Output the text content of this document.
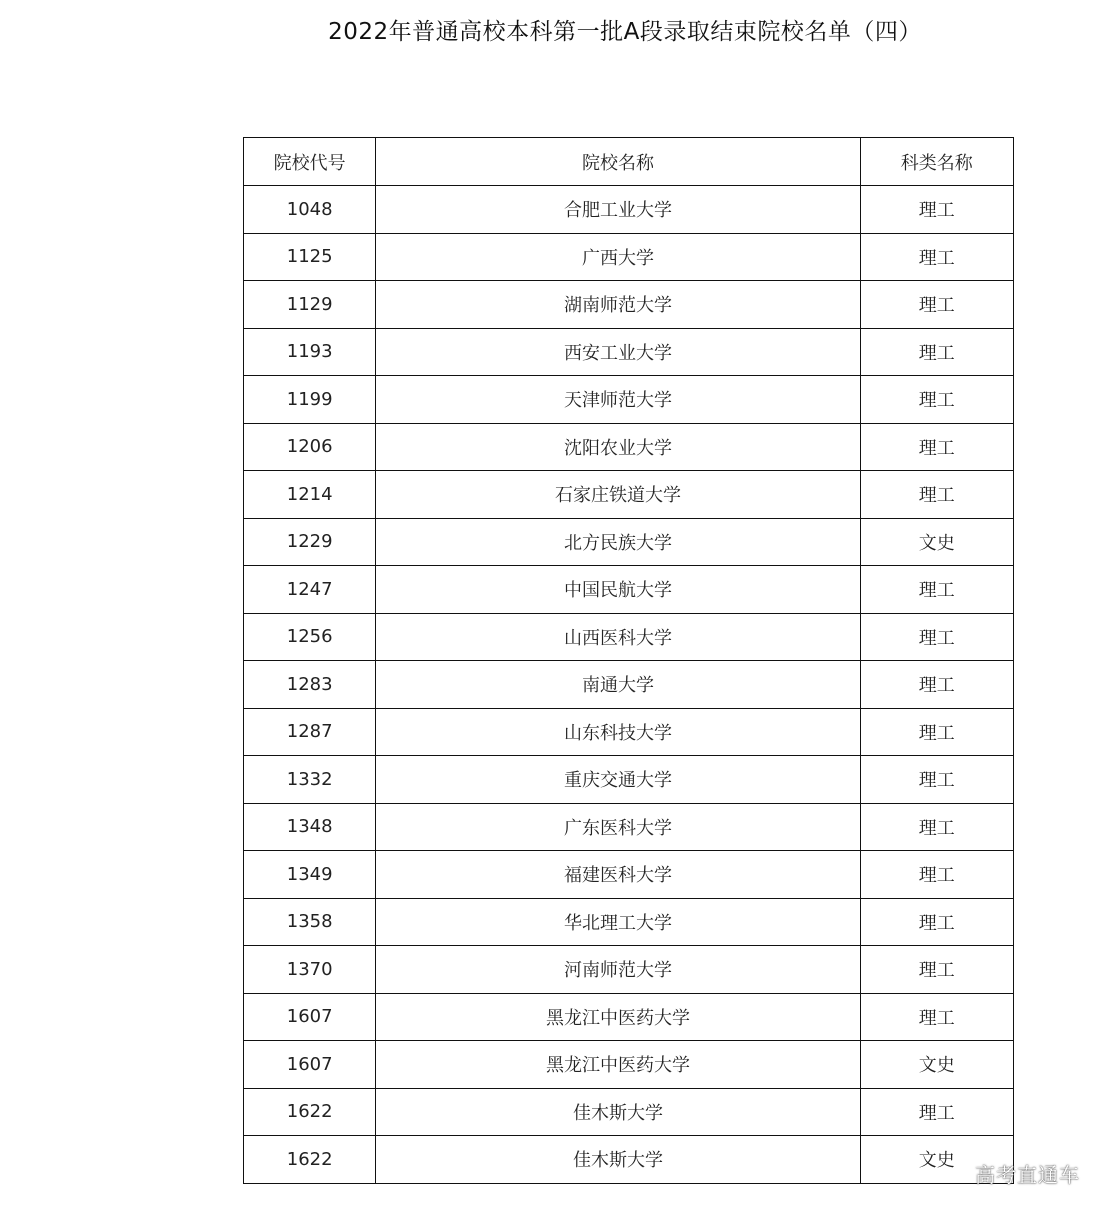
2022年普通高校本科第一批A段录取结束院校名单（四）
院校代号	院校名称	科类名称
1048	合肥工业大学	理工
1125	广西大学	理工
1129	湖南师范大学	理工
1193	西安工业大学	理工
1199	天津师范大学	理工
1206	沈阳农业大学	理工
1214	石家庄铁道大学	理工
1229	北方民族大学	文史
1247	中国民航大学	理工
1256	山西医科大学	理工
1283	南通大学	理工
1287	山东科技大学	理工
1332	重庆交通大学	理工
1348	广东医科大学	理工
1349	福建医科大学	理工
1358	华北理工大学	理工
1370	河南师范大学	理工
1607	黑龙江中医药大学	理工
1607	黑龙江中医药大学	文史
1622	佳木斯大学	理工
1622	佳木斯大学	文史
高考直通车
